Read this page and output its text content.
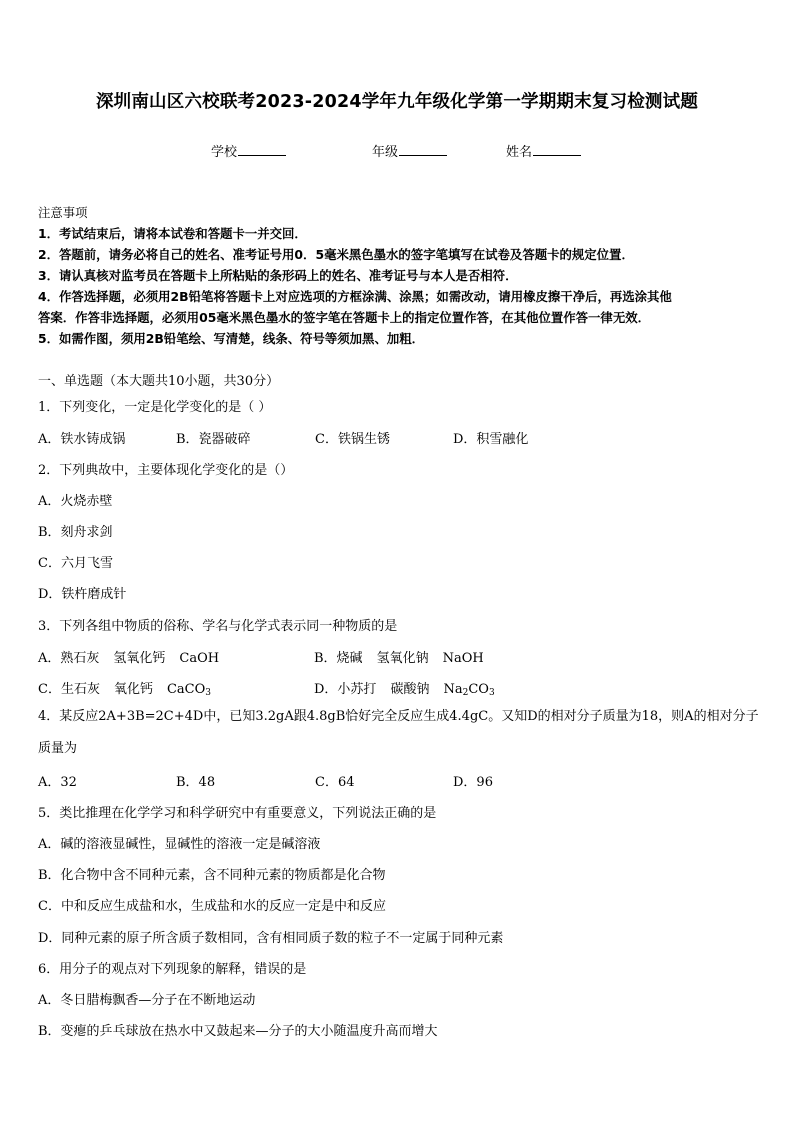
深圳南山区六校联考2023-2024学年九年级化学第一学期期末复习检测试题
学校	年级	姓名
注意事项
1．考试结束后，请将本试卷和答题卡一并交回．
2．答题前，请务必将自己的姓名、准考证号用0．5毫米黑色墨水的签字笔填写在试卷及答题卡的规定位置．
3．请认真核对监考员在答题卡上所粘贴的条形码上的姓名、准考证号与本人是否相符．
4．作答选择题，必须用2B铅笔将答题卡上对应选项的方框涂满、涂黑；如需改动，请用橡皮擦干净后，再选涂其他
答案．作答非选择题，必须用05毫米黑色墨水的签字笔在答题卡上的指定位置作答，在其他位置作答一律无效．
5．如需作图，须用2B铅笔绘、写清楚，线条、符号等须加黑、加粗．
一、单选题（本大题共10小题，共30分）
1．下列变化，一定是化学变化的是（ ）
A．铁水铸成锅	B．瓷器破碎	C．铁锅生锈	D．积雪融化
2．下列典故中，主要体现化学变化的是（）
A．火烧赤壁
B．刻舟求剑
C．六月飞雪
D．铁杵磨成针
3．下列各组中物质的俗称、学名与化学式表示同一种物质的是
A．熟石灰 氢氧化钙 CaOH	B．烧碱 氢氧化钠 NaOH
C．生石灰 氧化钙 CaCO$_3$	D．小苏打 碳酸钠 $Na_2CO_3$
4．某反应2A+3B=2C+4D中，已知3.2gA跟4.8gB恰好完全反应生成4.4gC。又知D的相对分子质量为18，则A的相对分子质量为
A．32	B．48	C．64	D．96
5．类比推理在化学学习和科学研究中有重要意义，下列说法正确的是
A．碱的溶液显碱性，显碱性的溶液一定是碱溶液
B．化合物中含不同种元素，含不同种元素的物质都是化合物
C．中和反应生成盐和水，生成盐和水的反应一定是中和反应
D．同种元素的原子所含质子数相同，含有相同质子数的粒子不一定属于同种元素
6．用分子的观点对下列现象的解释，错误的是
A．冬日腊梅飘香—分子在不断地运动
B．变瘪的乒乓球放在热水中又鼓起来—分子的大小随温度升高而增大
